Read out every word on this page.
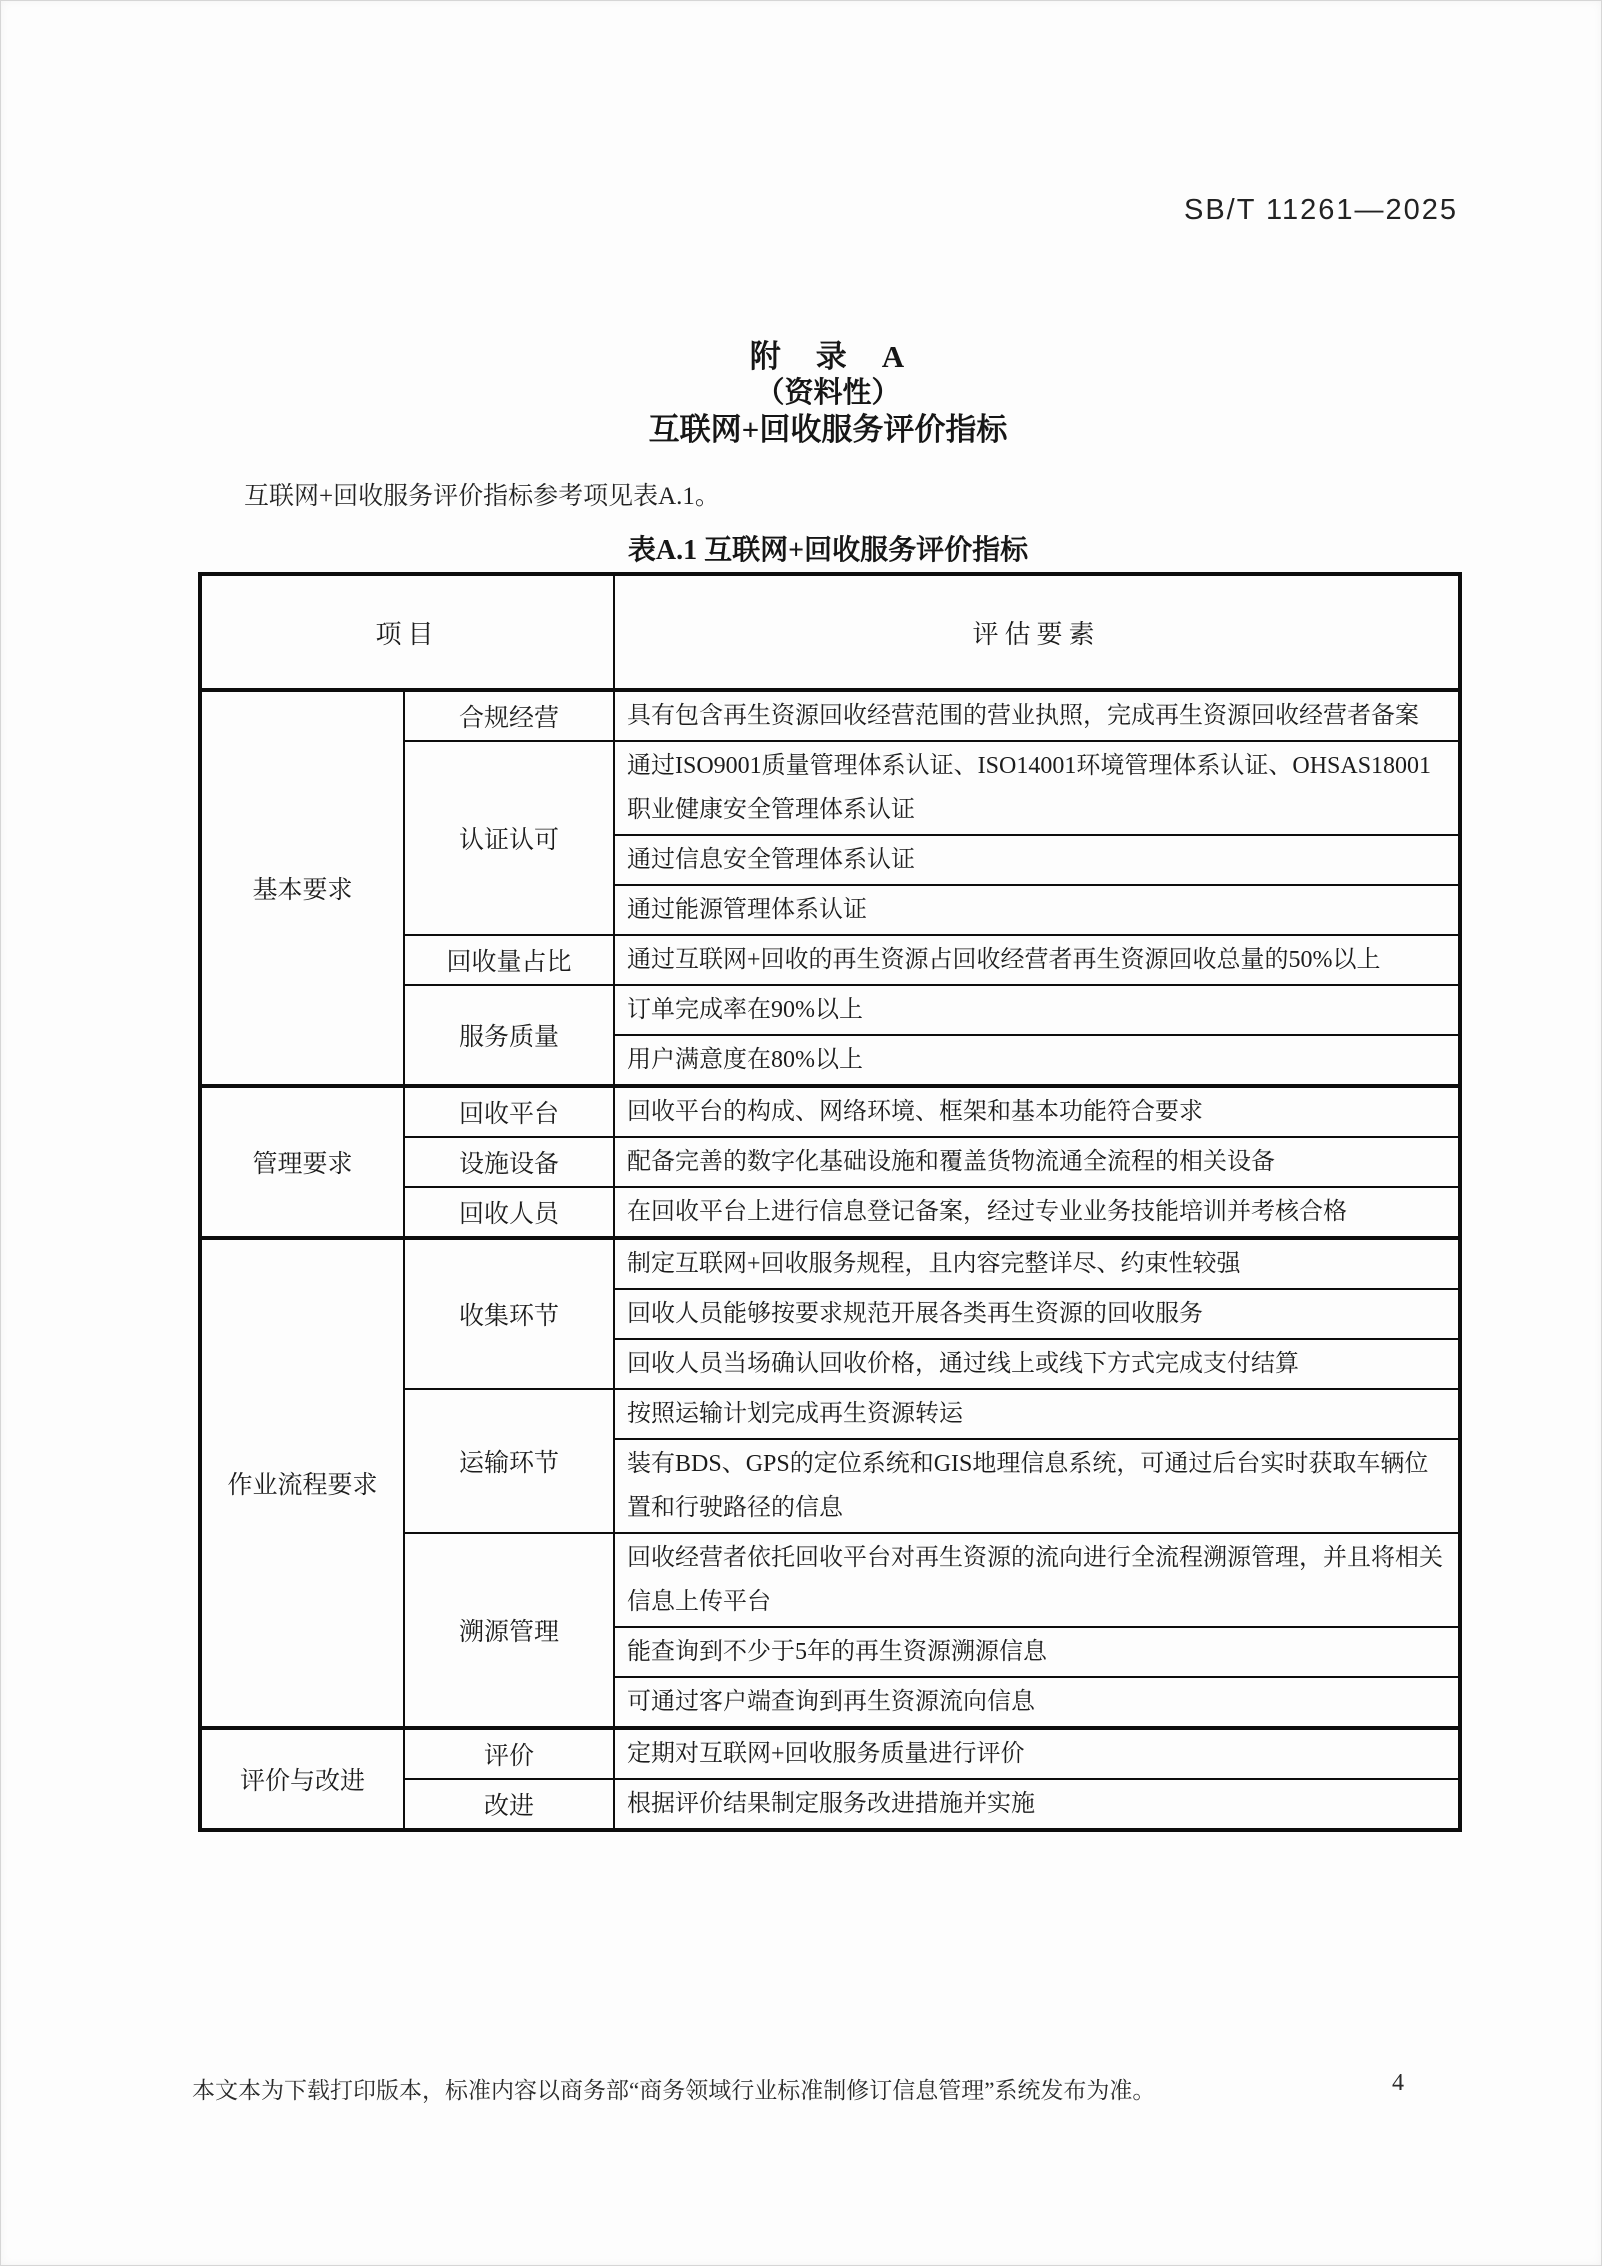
SB/T 11261—2025
附　录　A
（资料性）
互联网+回收服务评价指标

互联网+回收服务评价指标参考项见表A.1。

表A.1 互联网+回收服务评价指标
项目		评估要素
基本要求	合规经营	具有包含再生资源回收经营范围的营业执照，完成再生资源回收经营者备案
	认证认可	通过ISO9001质量管理体系认证、ISO14001环境管理体系认证、OHSAS18001职业健康安全管理体系认证
		通过信息安全管理体系认证
		通过能源管理体系认证
	回收量占比	通过互联网+回收的再生资源占回收经营者再生资源回收总量的50%以上
	服务质量	订单完成率在90%以上
		用户满意度在80%以上
管理要求	回收平台	回收平台的构成、网络环境、框架和基本功能符合要求
	设施设备	配备完善的数字化基础设施和覆盖货物流通全流程的相关设备
	回收人员	在回收平台上进行信息登记备案，经过专业业务技能培训并考核合格
作业流程要求	收集环节	制定互联网+回收服务规程，且内容完整详尽、约束性较强
		回收人员能够按要求规范开展各类再生资源的回收服务
		回收人员当场确认回收价格，通过线上或线下方式完成支付结算
	运输环节	按照运输计划完成再生资源转运
		装有BDS、GPS的定位系统和GIS地理信息系统，可通过后台实时获取车辆位置和行驶路径的信息
	溯源管理	回收经营者依托回收平台对再生资源的流向进行全流程溯源管理，并且将相关信息上传平台
		能查询到不少于5年的再生资源溯源信息
		可通过客户端查询到再生资源流向信息
评价与改进	评价	定期对互联网+回收服务质量进行评价
	改进	根据评价结果制定服务改进措施并实施
本文本为下载打印版本，标准内容以商务部“商务领域行业标准制修订信息管理”系统发布为准。	4
